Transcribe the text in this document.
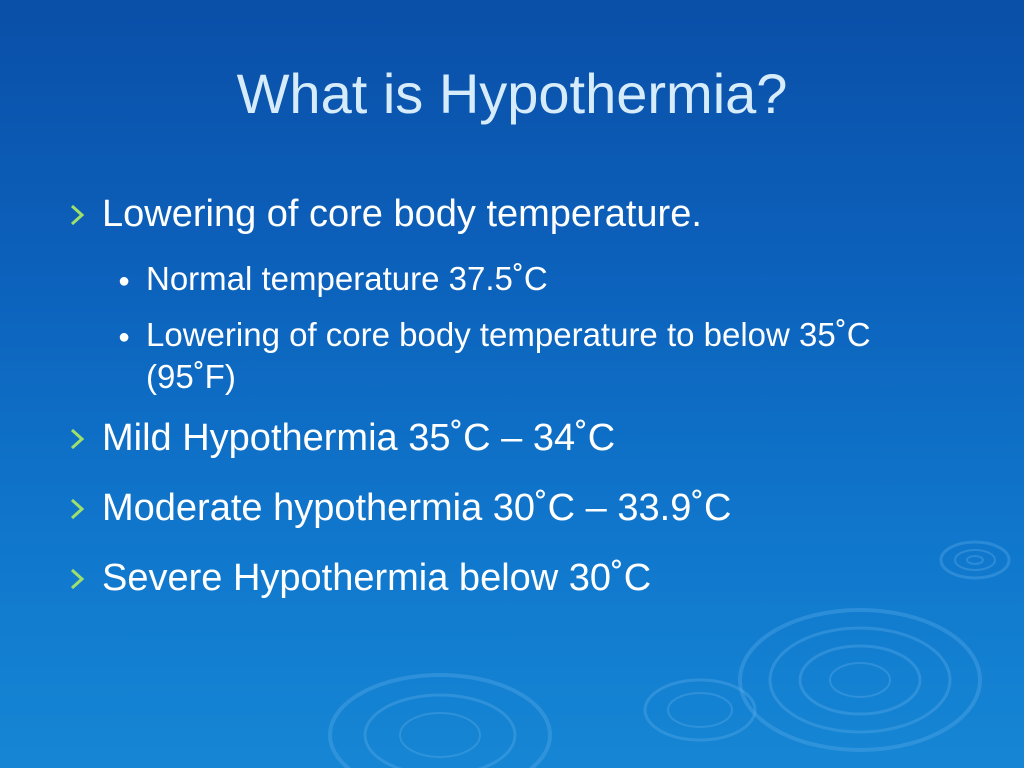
What is Hypothermia?
Lowering of core body temperature.
● Normal temperature 37.5˚C
● Lowering of core body temperature to below 35˚C (95˚F)
Mild Hypothermia 35˚C – 34˚C
Moderate hypothermia 30˚C – 33.9˚C
Severe Hypothermia below 30˚C
